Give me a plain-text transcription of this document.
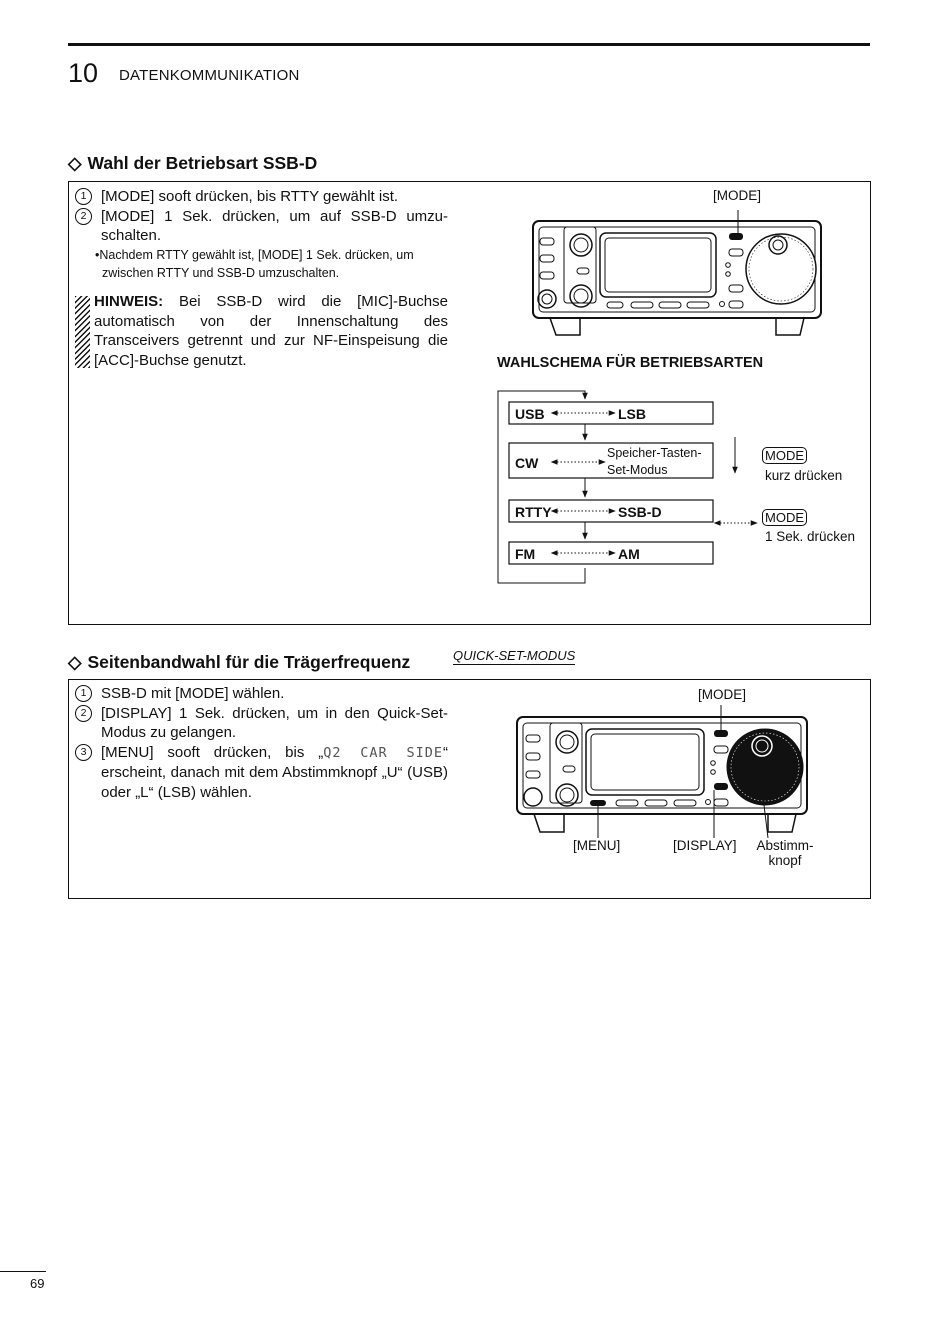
10 DATENKOMMUNIKATION
◇ Wahl der Betriebsart SSB-D
1 [MODE] sooft drücken, bis RTTY gewählt ist.
2 [MODE] 1 Sek. drücken, um auf SSB-D umzu-schalten.
•Nachdem RTTY gewählt ist, [MODE] 1 Sek. drücken, um zwischen RTTY und SSB-D umzuschalten.
HINWEIS: Bei SSB-D wird die [MIC]-Buchse automatisch von der Innenschaltung des Transceivers getrennt und zur NF-Einspeisung die [ACC]-Buchse genutzt.
[MODE]
WAHLSCHEMA FÜR BETRIEBSARTEN
USB	LSB
CW
Speicher-Tasten-
Set-Modus
RTTY	SSB-D
FM	AM
MODE
kurz drücken
MODE
1 Sek. drücken
◇ Seitenbandwahl für die Trägerfrequenz	QUICK-SET-MODUS
1 SSB-D mit [MODE] wählen.
2 [DISPLAY] 1 Sek. drücken, um in den Quick-Set-Modus zu gelangen.
3 [MENU] sooft drücken, bis „Q2 CAR SIDE“ erscheint, danach mit dem Abstimmknopf „U“ (USB) oder „L“ (LSB) wählen.
[MODE]
[MENU]	[DISPLAY]	Abstimm-
knopf
69
